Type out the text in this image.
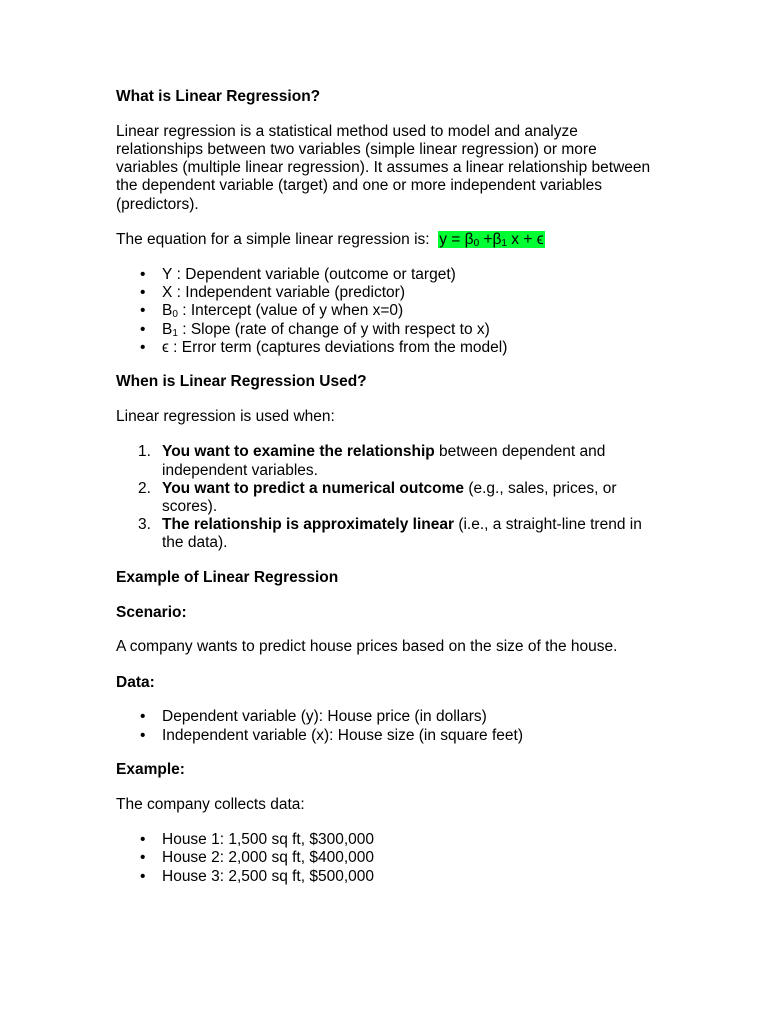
What is Linear Regression?
Linear regression is a statistical method used to model and analyze relationships between two variables (simple linear regression) or more variables (multiple linear regression). It assumes a linear relationship between the dependent variable (target) and one or more independent variables (predictors).
The equation for a simple linear regression is: $y = \beta_0 +\beta_1$ x + ϵ
• Y : Dependent variable (outcome or target)
• X : Independent variable (predictor)
• $B_0$ : Intercept (value of y when x=0)
• $B_1$ : Slope (rate of change of y with respect to x)
• ϵ : Error term (captures deviations from the model)
When is Linear Regression Used?
Linear regression is used when:
1. You want to examine the relationship between dependent and independent variables.
2. You want to predict a numerical outcome (e.g., sales, prices, or scores).
3. The relationship is approximately linear (i.e., a straight-line trend in the data).
Example of Linear Regression
Scenario:
A company wants to predict house prices based on the size of the house.
Data:
• Dependent variable (y): House price (in dollars)
• Independent variable (x): House size (in square feet)
Example:
The company collects data:
• House 1: 1,500 sq ft, $300,000
• House 2: 2,000 sq ft, $400,000
• House 3: 2,500 sq ft, $500,000
